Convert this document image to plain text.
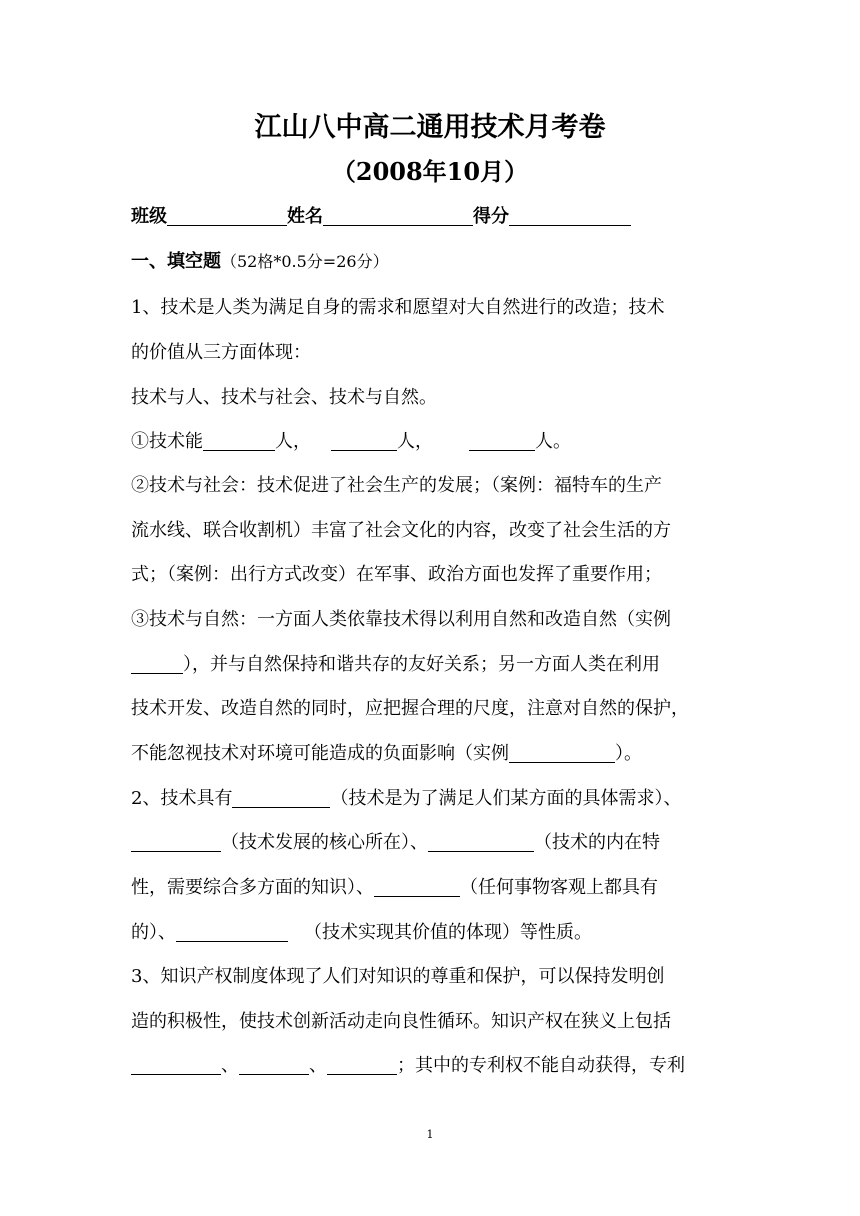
江山八中高二通用技术月考卷
（2008年10月）
班级	姓名	得分
一、填空题（52格*0.5分=26分）
1、技术是人类为满足自身的需求和愿望对大自然进行的改造；技术
的价值从三方面体现：
技术与人、技术与社会、技术与自然。
①技术能	人，	人，	人。
②技术与社会：技术促进了社会生产的发展；（案例：福特车的生产
流水线、联合收割机）丰富了社会文化的内容，改变了社会生活的方
式；（案例：出行方式改变）在军事、政治方面也发挥了重要作用；
③技术与自然：一方面人类依靠技术得以利用自然和改造自然（实例
），并与自然保持和谐共存的友好关系；另一方面人类在利用
技术开发、改造自然的同时，应把握合理的尺度，注意对自然的保护，
不能忽视技术对环境可能造成的负面影响（实例	）。
2、技术具有	（技术是为了满足人们某方面的具体需求）、
（技术发展的核心所在）、	（技术的内在特
性，需要综合多方面的知识）、	（任何事物客观上都具有
的）、	（技术实现其价值的体现）等性质。
3、知识产权制度体现了人们对知识的尊重和保护，可以保持发明创
造的积极性，使技术创新活动走向良性循环。知识产权在狭义上包括
、	、	；其中的专利权不能自动获得，专利
1
